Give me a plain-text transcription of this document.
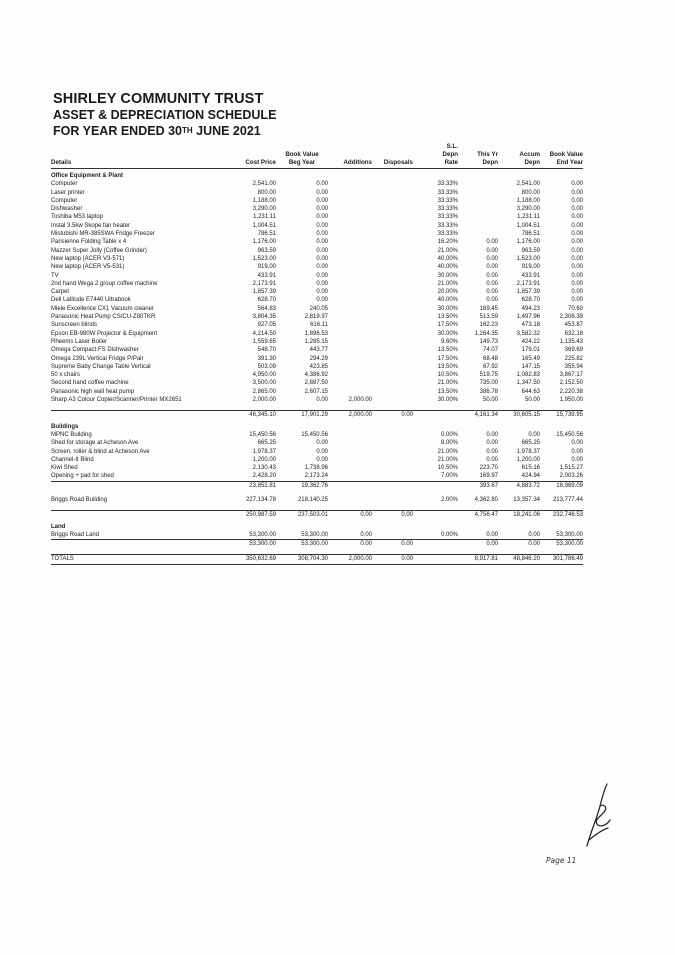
SHIRLEY COMMUNITY TRUST
ASSET & DEPRECIATION SCHEDULE
FOR YEAR ENDED 30TH JUNE 2021
					S.L.			
		Book Value			Depn	This Yr	Accum	Book Value
Details	Cost Price	Beg Year	Additions	Disposals	Rate	Depn	Depn	End Year
Office Equipment & Plant								
Computer	2,541.00	0.00			33.33%		2,541.00	0.00
Laser printer	800.00	0.00			33.33%		800.00	0.00
Computer	1,188.00	0.00			33.33%		1,188.00	0.00
Dishwasher	3,290.00	0.00			33.33%		3,290.00	0.00
Toshiba M53 laptop	1,231.11	0.00			33.33%		1,231.11	0.00
Instal 3.5kw Skope fan heater	1,004.51	0.00			33.33%		1,004.51	0.00
Mistubishi MR-385SWA Fridge Freezer	786.51	0.00			33.33%		786.51	0.00
Parisienne Folding Table x 4	1,176.00	0.00			16.20%	0.00	1,176.00	0.00
Mazzer Super Jolly (Coffee Grinder)	963.59	0.00			21.00%	0.00	963.59	0.00
New laptop (ACER V3-571)	1,523.00	0.00			40.00%	0.00	1,523.00	0.00
New laptop (ACER V5-531)	919.00	0.00			40.00%	0.00	919.00	0.00
TV	433.91	0.00			30.00%	0.00	433.91	0.00
2nd hand Wega 2 group coffee machine	2,173.91	0.00			21.00%	0.00	2,173.91	0.00
Carpet	1,857.39	0.00			20.00%	0.00	1,857.39	0.00
Dell Latitude E7440 Ultrabook	628.70	0.00			40.00%	0.00	628.70	0.00
Miele Excellence CX1 Vacuum cleaner	564.83	240.05			30.00%	169.45	494.23	70.60
Panasonic Heat Pump CS/CU-Z80TKR	3,804.35	2,819.97			13.50%	513.59	1,497.96	2,306.39
Sunscreen blinds	927.05	616.11			17.50%	162.23	473.18	453.87
Epson EB-980W Projector & Equipment	4,214.50	1,896.53			30.00%	1,264.35	3,582.32	632.18
Rheems Laser Boiler	1,559.65	1,285.15			9.60%	149.73	424.22	1,135.43
Omega Compact FS Dishwasher	548.70	443.77			13.50%	74.07	179.01	369.69
Omega 239L Vertical Fridge P/Pair	391.30	294.29			17.50%	68.48	165.49	225.82
Supreme Baby Change Table Vertical	503.09	423.85			13.50%	67.92	147.15	355.94
50 x chairs	4,950.00	4,386.92			10.50%	519.75	1,082.83	3,867.17
Second hand coffee machine	3,500.00	2,887.50			21.00%	735.00	1,347.50	2,152.50
Panasonic high wall heat pump	2,865.00	2,607.15			13.50%	386.78	644.63	2,220.38
Sharp A3 Colour Copier/Scanner/Printer MX2651	2,000.00	0.00	2,000.00		30.00%	50.00	50.00	1,950.00

	46,345.10	17,901.29	2,000.00	0.00		4,161.34	30,605.15	15,739.95
Buildings								
MPNC Building	15,450.56	15,450.56			0.00%	0.00	0.00	15,450.56
Shed for storage at Acheson Ave	665.25	0.00			8.00%	0.00	665.25	0.00
Screen, roller & blind at Acheson Ave	1,978.37	0.00			21.00%	0.00	1,978.37	0.00
Channel-It Blind	1,200.00	0.00			21.00%	0.00	1,200.00	0.00
Kiwi Shed	2,130.43	1,738.96			10.50%	223.70	615.16	1,515.27
Opening + pad for shed	2,428.20	2,173.24			7.00%	169.97	424.94	2,003.26
	23,852.81	19,362.76				393.67	4,883.72	18,969.09

Briggs Road Building	227,134.78	218,140.25			2.00%	4,362.80	13,357.34	213,777.44

	250,987.59	237,503.01	0.00	0.00		4,756.47	18,241.06	232,746.53
Land								
Briggs Road Land	53,300.00	53,300.00	0.00		0.00%	0.00	0.00	53,300.00
	53,300.00	53,300.00	0.00	0.00		0.00	0.00	53,300.00

TOTALS	350,632.69	308,704.30	2,000.00	0.00		8,917.81	48,846.20	301,786.49
Page 11
